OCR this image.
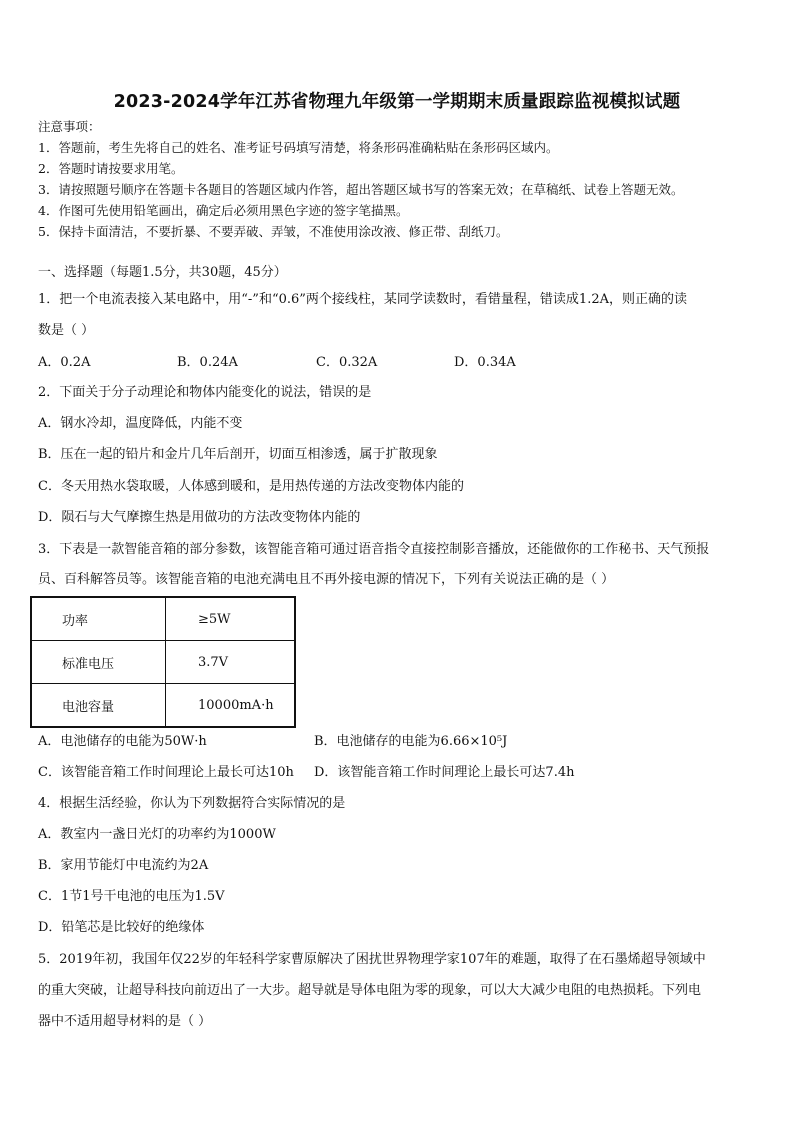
2023-2024学年江苏省物理九年级第一学期期末质量跟踪监视模拟试题
注意事项：
1．答题前，考生先将自己的姓名、准考证号码填写清楚，将条形码准确粘贴在条形码区域内。
2．答题时请按要求用笔。
3．请按照题号顺序在答题卡各题目的答题区域内作答，超出答题区域书写的答案无效；在草稿纸、试卷上答题无效。
4．作图可先使用铅笔画出，确定后必须用黑色字迹的签字笔描黑。
5．保持卡面清洁，不要折暴、不要弄破、弄皱，不准使用涂改液、修正带、刮纸刀。
一、选择题（每题1.5分，共30题，45分）
1．把一个电流表接入某电路中，用“-”和“0.6”两个接线柱，某同学读数时，看错量程，错读成1.2A，则正确的读
数是（ ）
A．0.2A	B．0.24A	C．0.32A	D．0.34A
2．下面关于分子动理论和物体内能变化的说法，错误的是
A．钢水冷却，温度降低，内能不变
B．压在一起的铅片和金片几年后剖开，切面互相渗透，属于扩散现象
C．冬天用热水袋取暖，人体感到暖和，是用热传递的方法改变物体内能的
D．陨石与大气摩擦生热是用做功的方法改变物体内能的
3．下表是一款智能音箱的部分参数，该智能音箱可通过语音指令直接控制影音播放，还能做你的工作秘书、天气预报
员、百科解答员等。该智能音箱的电池充满电且不再外接电源的情况下，下列有关说法正确的是（ ）
功率	≥5W
标准电压	3.7V
电池容量	10000mA·h
A．电池储存的电能为50W·h	B．电池储存的电能为6.66×10⁵J
C．该智能音箱工作时间理论上最长可达10h D．该智能音箱工作时间理论上最长可达7.4h
4．根据生活经验，你认为下列数据符合实际情况的是
A．教室内一盏日光灯的功率约为1000W
B．家用节能灯中电流约为2A
C．1节1号干电池的电压为1.5V
D．铅笔芯是比较好的绝缘体
5．2019年初，我国年仅22岁的年轻科学家曹原解决了困扰世界物理学家107年的难题，取得了在石墨烯超导领域中
的重大突破，让超导科技向前迈出了一大步。超导就是导体电阻为零的现象，可以大大减少电阻的电热损耗。下列电
器中不适用超导材料的是（ ）
